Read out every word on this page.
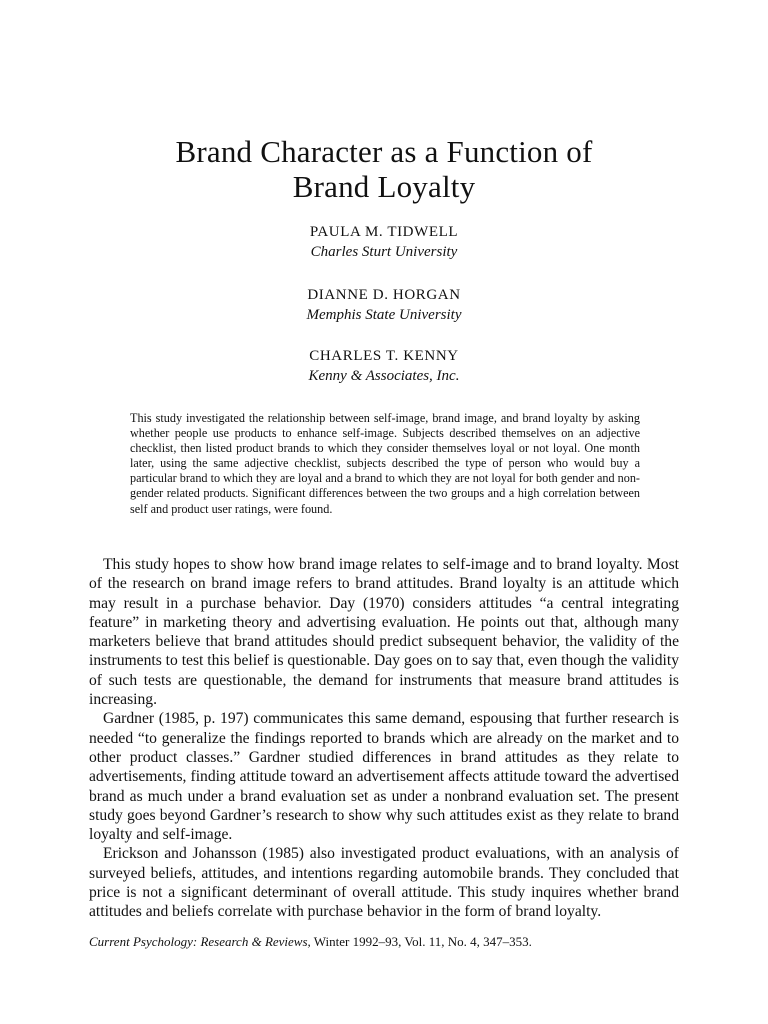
Brand Character as a Function of
Brand Loyalty
PAULA M. TIDWELL
Charles Sturt University
DIANNE D. HORGAN
Memphis State University
CHARLES T. KENNY
Kenny & Associates, Inc.

This study investigated the relationship between self-image, brand image, and brand loyalty by asking whether people use products to enhance self-image. Subjects described themselves on an adjective checklist, then listed product brands to which they consider themselves loyal or not loyal. One month later, using the same adjective checklist, subjects described the type of person who would buy a particular brand to which they are loyal and a brand to which they are not loyal for both gender and non-gender related products. Significant differences between the two groups and a high correlation between self and product user ratings, were found.

This study hopes to show how brand image relates to self-image and to brand loyalty. Most of the research on brand image refers to brand attitudes. Brand loyalty is an attitude which may result in a purchase behavior. Day (1970) considers attitudes “a central integrating feature” in marketing theory and advertising evaluation. He points out that, although many marketers believe that brand attitudes should predict subsequent behavior, the validity of the instruments to test this belief is questionable. Day goes on to say that, even though the validity of such tests are questionable, the demand for instruments that measure brand attitudes is increasing.

Gardner (1985, p. 197) communicates this same demand, espousing that further research is needed “to generalize the findings reported to brands which are already on the market and to other product classes.” Gardner studied differences in brand attitudes as they relate to advertisements, finding attitude toward an advertisement affects attitude toward the advertised brand as much under a brand evaluation set as under a nonbrand evaluation set. The present study goes beyond Gardner’s research to show why such attitudes exist as they relate to brand loyalty and self-image.

Erickson and Johansson (1985) also investigated product evaluations, with an analysis of surveyed beliefs, attitudes, and intentions regarding automobile brands. They concluded that price is not a significant determinant of overall attitude. This study inquires whether brand attitudes and beliefs correlate with purchase behavior in the form of brand loyalty.

Current Psychology: Research & Reviews, Winter 1992–93, Vol. 11, No. 4, 347–353.
